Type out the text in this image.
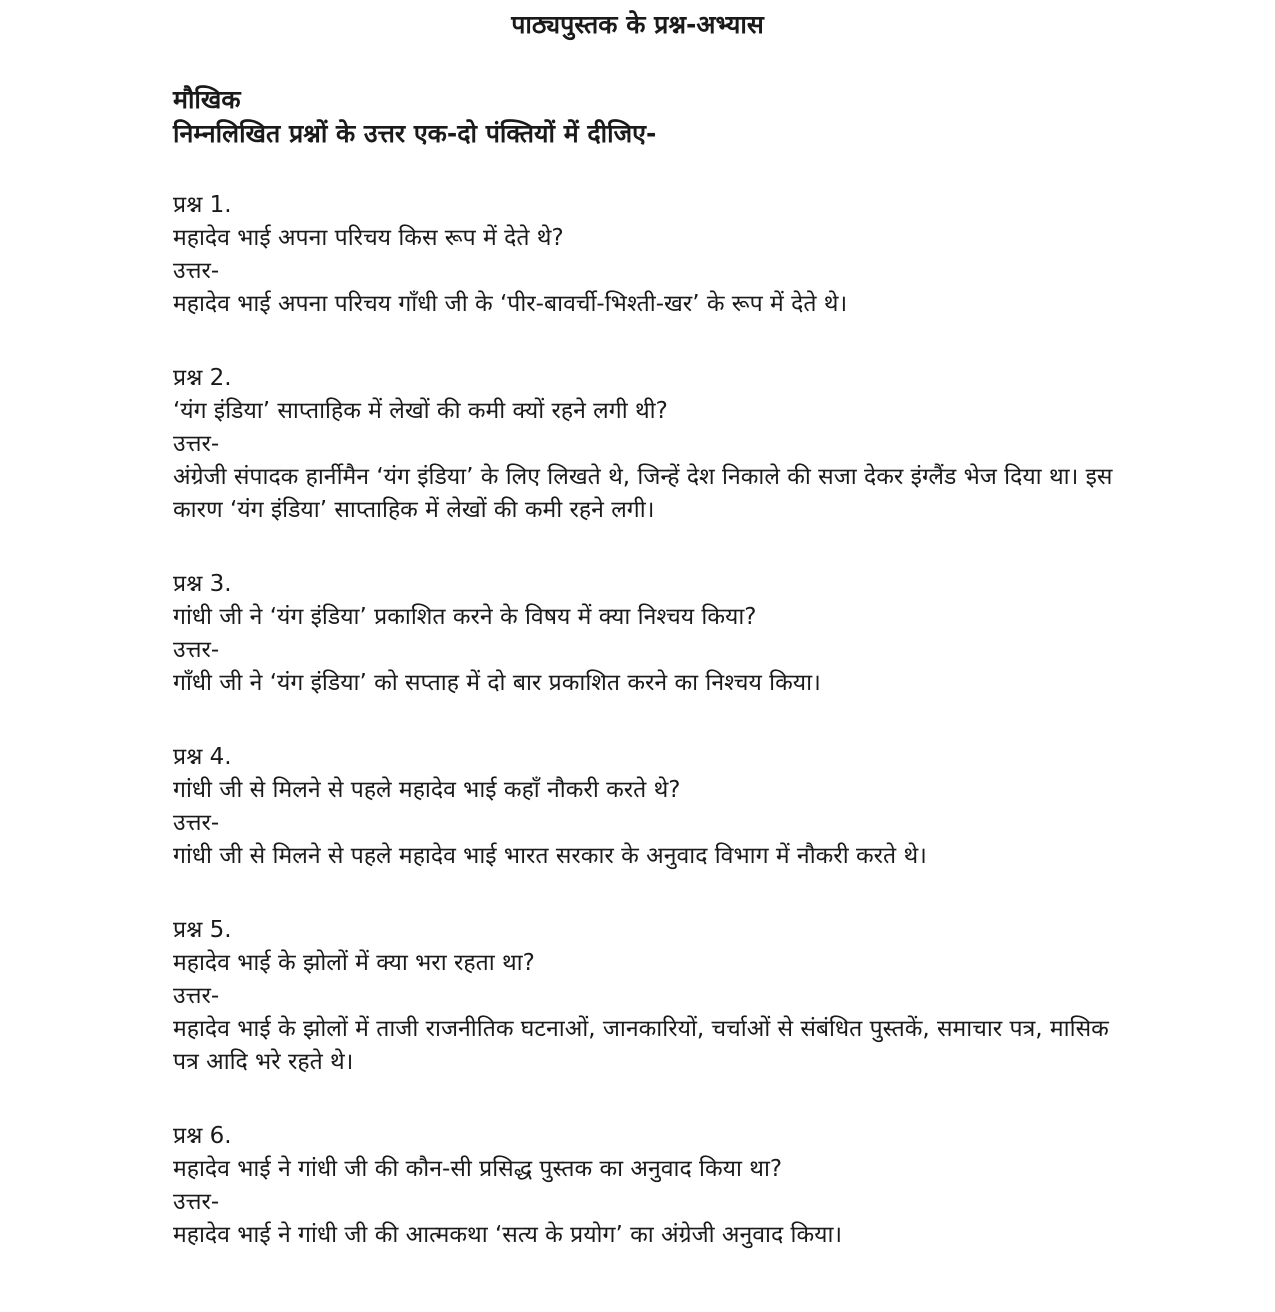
पाठ्यपुस्तक के प्रश्न-अभ्यास
मौखिक

निम्नलिखित प्रश्नों के उत्तर एक-दो पंक्तियों में दीजिए-

प्रश्न 1.

महादेव भाई अपना परिचय किस रूप में देते थे?

उत्तर-

महादेव भाई अपना परिचय गाँधी जी के ‘पीर-बावर्ची-भिश्ती-खर’ के रूप में देते थे।

प्रश्न 2.

‘यंग इंडिया’ साप्ताहिक में लेखों की कमी क्यों रहने लगी थी?

उत्तर-

अंग्रेजी संपादक हार्नीमैन ‘यंग इंडिया’ के लिए लिखते थे, जिन्हें देश निकाले की सजा देकर इंग्लैंड भेज दिया था। इस कारण ‘यंग इंडिया’ साप्ताहिक में लेखों की कमी रहने लगी।

प्रश्न 3.

गांधी जी ने ‘यंग इंडिया’ प्रकाशित करने के विषय में क्या निश्चय किया?

उत्तर-

गाँधी जी ने ‘यंग इंडिया’ को सप्ताह में दो बार प्रकाशित करने का निश्चय किया।

प्रश्न 4.

गांधी जी से मिलने से पहले महादेव भाई कहाँ नौकरी करते थे?

उत्तर-

गांधी जी से मिलने से पहले महादेव भाई भारत सरकार के अनुवाद विभाग में नौकरी करते थे।

प्रश्न 5.

महादेव भाई के झोलों में क्या भरा रहता था?

उत्तर-

महादेव भाई के झोलों में ताजी राजनीतिक घटनाओं, जानकारियों, चर्चाओं से संबंधित पुस्तकें, समाचार पत्र, मासिक पत्र आदि भरे रहते थे।

प्रश्न 6.

महादेव भाई ने गांधी जी की कौन-सी प्रसिद्ध पुस्तक का अनुवाद किया था?

उत्तर-

महादेव भाई ने गांधी जी की आत्मकथा ‘सत्य के प्रयोग’ का अंग्रेजी अनुवाद किया।
